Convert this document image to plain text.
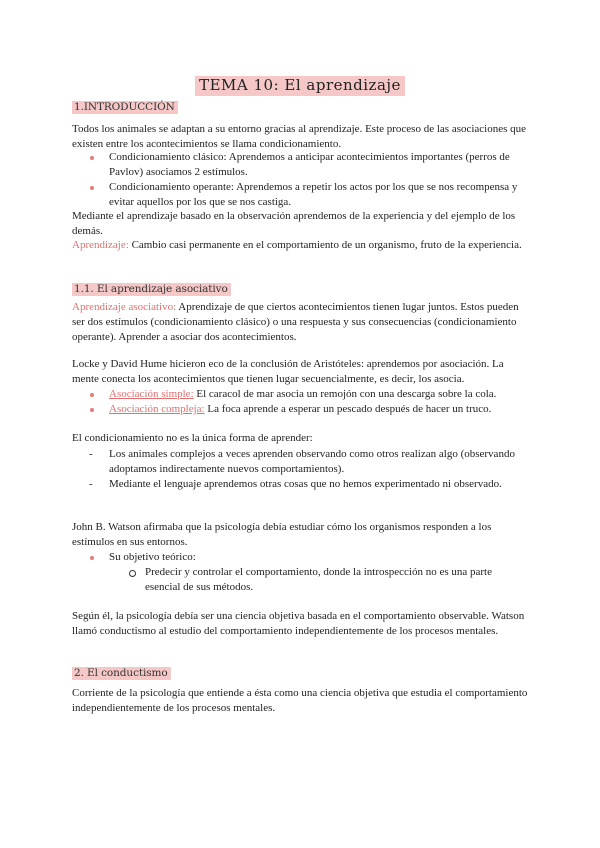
TEMA 10: El aprendizaje
1.INTRODUCCIÓN

Todos los animales se adaptan a su entorno gracias al aprendizaje. Este proceso de las asociaciones que existen entre los acontecimientos se llama condicionamiento.

Condicionamiento clásico: Aprendemos a anticipar acontecimientos importantes (perros de Pavlov) asociamos 2 estímulos.
Condicionamiento operante: Aprendemos a repetir los actos por los que se nos recompensa y evitar aquellos por los que se nos castiga.

Mediante el aprendizaje basado en la observación aprendemos de la experiencia y del ejemplo de los demás.

Aprendizaje: Cambio casi permanente en el comportamiento de un organismo, fruto de la experiencia.

1.1. El aprendizaje asociativo

Aprendizaje asociativo: Aprendizaje de que ciertos acontecimientos tienen lugar juntos. Estos pueden ser dos estímulos (condicionamiento clásico) o una respuesta y sus consecuencias (condicionamiento operante). Aprender a asociar dos acontecimientos.

Locke y David Hume hicieron eco de la conclusión de Aristóteles: aprendemos por asociación. La mente conecta los acontecimientos que tienen lugar secuencialmente, es decir, los asocia.

Asociación simple: El caracol de mar asocia un remojón con una descarga sobre la cola.
Asociación compleja: La foca aprende a esperar un pescado después de hacer un truco.

El condicionamiento no es la única forma de aprender:

- Los animales complejos a veces aprenden observando como otros realizan algo (observando adoptamos indirectamente nuevos comportamientos).
- Mediante el lenguaje aprendemos otras cosas que no hemos experimentado ni observado.

John B. Watson afirmaba que la psicología debía estudiar cómo los organismos responden a los estímulos en sus entornos.

Su objetivo teórico:
Predecir y controlar el comportamiento, donde la introspección no es una parte esencial de sus métodos.

Según él, la psicología debía ser una ciencia objetiva basada en el comportamiento observable. Watson llamó conductismo al estudio del comportamiento independientemente de los procesos mentales.

2. El conductismo

Corriente de la psicología que entiende a ésta como una ciencia objetiva que estudia el comportamiento independientemente de los procesos mentales.
